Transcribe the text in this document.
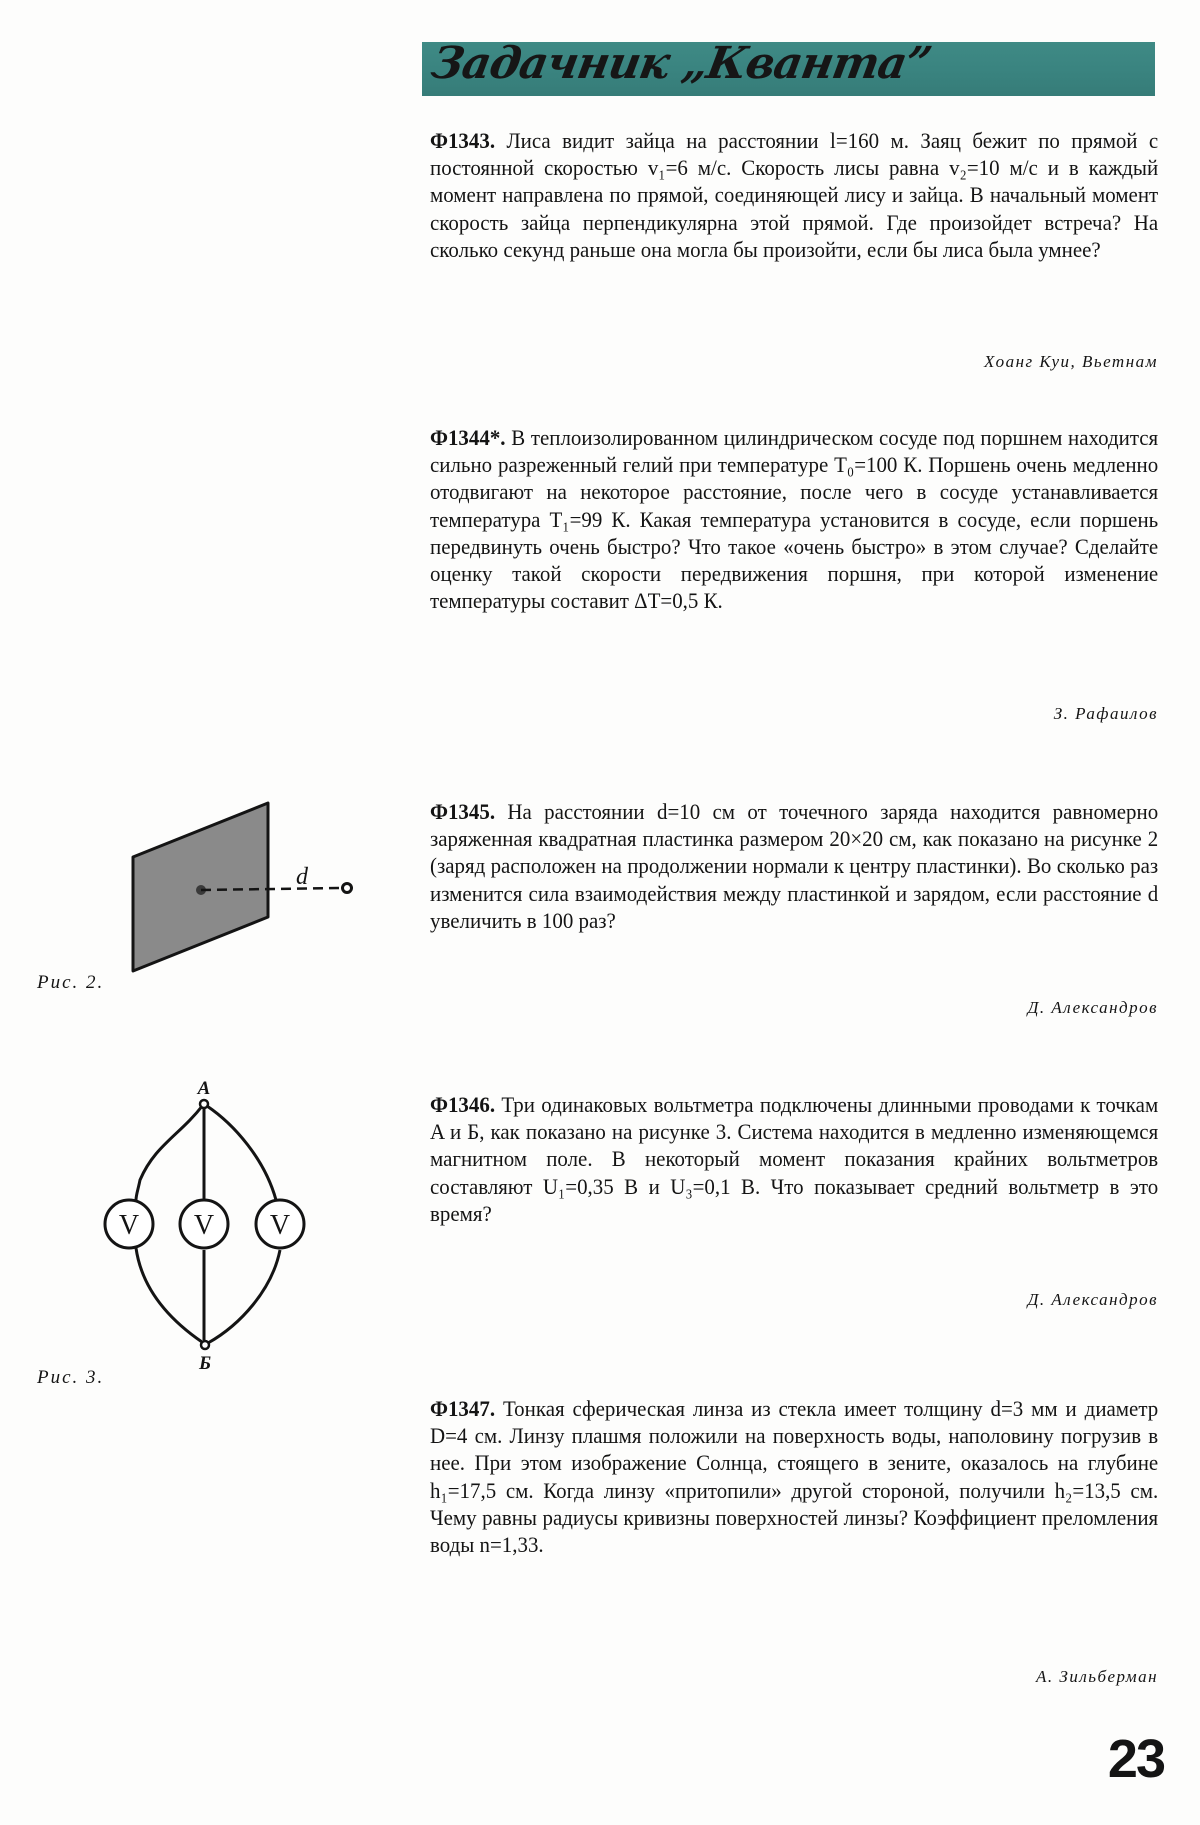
Задачник „Кванта”
Ф1343. Лиса видит зайца на расстоянии l=160 м. Заяц бежит по прямой с постоянной скоростью v₁=6 м/с. Скорость лисы равна v₂=10 м/с и в каждый момент направлена по прямой, соединяющей лису и зайца. В начальный момент скорость зайца перпендикулярна этой прямой. Где произойдет встреча? На сколько секунд раньше она могла бы произойти, если бы лиса была умнее?
Хоанг Куи, Вьетнам
Ф1344*. В теплоизолированном цилиндрическом сосуде под поршнем находится сильно разреженный гелий при температуре T₀=100 К. Поршень очень медленно отодвигают на некоторое расстояние, после чего в сосуде устанавливается температура T₁=99 К. Какая температура установится в сосуде, если поршень передвинуть очень быстро? Что такое «очень быстро» в этом случае? Сделайте оценку такой скорости передвижения поршня, при которой изменение температуры составит ΔT=0,5 К.
З. Рафаилов
d
Рис. 2.
Ф1345. На расстоянии d=10 см от точечного заряда находится равномерно заряженная квадратная пластинка размером 20×20 см, как показано на рисунке 2 (заряд расположен на продолжении нормали к центру пластинки). Во сколько раз изменится сила взаимодействия между пластинкой и зарядом, если расстояние d увеличить в 100 раз?
Д. Александров
V V V
A
Б
Рис. 3.
Ф1346. Три одинаковых вольтметра подключены длинными проводами к точкам A и Б, как показано на рисунке 3. Система находится в медленно изменяющемся магнитном поле. В некоторый момент показания крайних вольтметров составляют U₁=0,35 В и U₃=0,1 В. Что показывает средний вольтметр в это время?
Д. Александров
Ф1347. Тонкая сферическая линза из стекла имеет толщину d=3 мм и диаметр D=4 см. Линзу плашмя положили на поверхность воды, наполовину погрузив в нее. При этом изображение Солнца, стоящего в зените, оказалось на глубине h₁=17,5 см. Когда линзу «притопили» другой стороной, получили h₂=13,5 см. Чему равны радиусы кривизны поверхностей линзы? Коэффициент преломления воды n=1,33.
А. Зильберман
23
